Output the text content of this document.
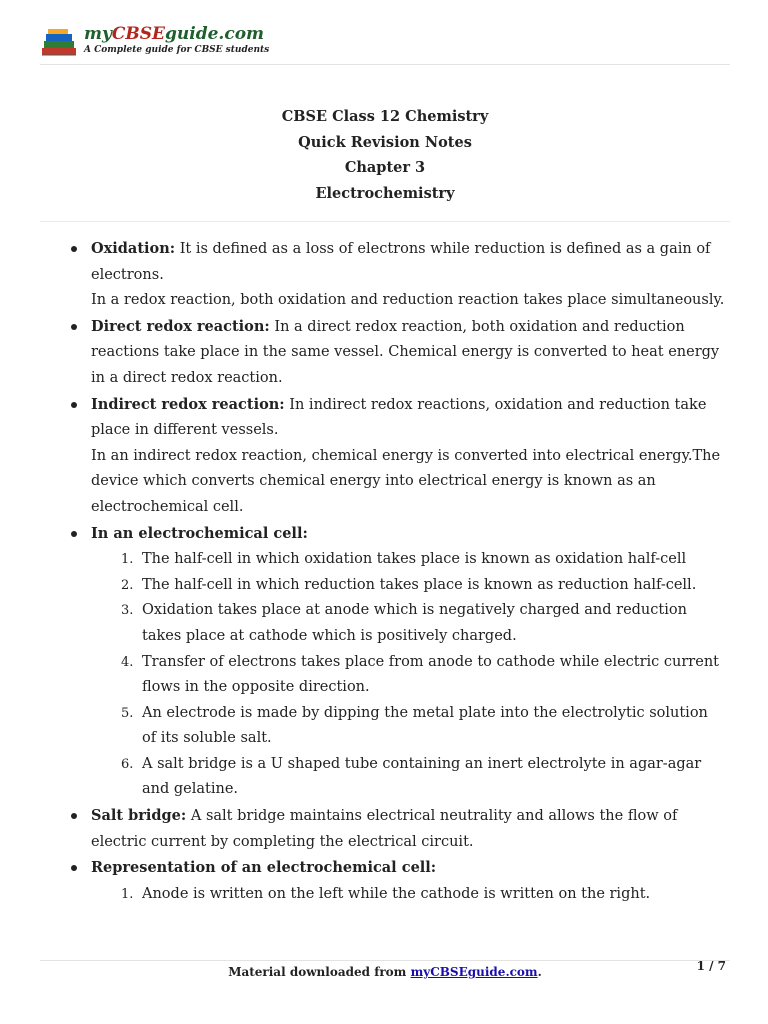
myCBSEguide.com
A Complete guide for CBSE students
CBSE Class 12 Chemistry
Quick Revision Notes
Chapter 3
Electrochemistry
Oxidation: It is defined as a loss of electrons while reduction is defined as a gain of electrons.
In a redox reaction, both oxidation and reduction reaction takes place simultaneously.
Direct redox reaction: In a direct redox reaction, both oxidation and reduction reactions take place in the same vessel. Chemical energy is converted to heat energy in a direct redox reaction.
Indirect redox reaction: In indirect redox reactions, oxidation and reduction take place in different vessels.
In an indirect redox reaction, chemical energy is converted into electrical energy.The device which converts chemical energy into electrical energy is known as an electrochemical cell.
In an electrochemical cell:
1. The half-cell in which oxidation takes place is known as oxidation half-cell
2. The half-cell in which reduction takes place is known as reduction half-cell.
3. Oxidation takes place at anode which is negatively charged and reduction takes place at cathode which is positively charged.
4. Transfer of electrons takes place from anode to cathode while electric current flows in the opposite direction.
5. An electrode is made by dipping the metal plate into the electrolytic solution of its soluble salt.
6. A salt bridge is a U shaped tube containing an inert electrolyte in agar-agar and gelatine.
Salt bridge: A salt bridge maintains electrical neutrality and allows the flow of electric current by completing the electrical circuit.
Representation of an electrochemical cell:
1. Anode is written on the left while the cathode is written on the right.
Material downloaded from myCBSEguide.com.	1 / 7
